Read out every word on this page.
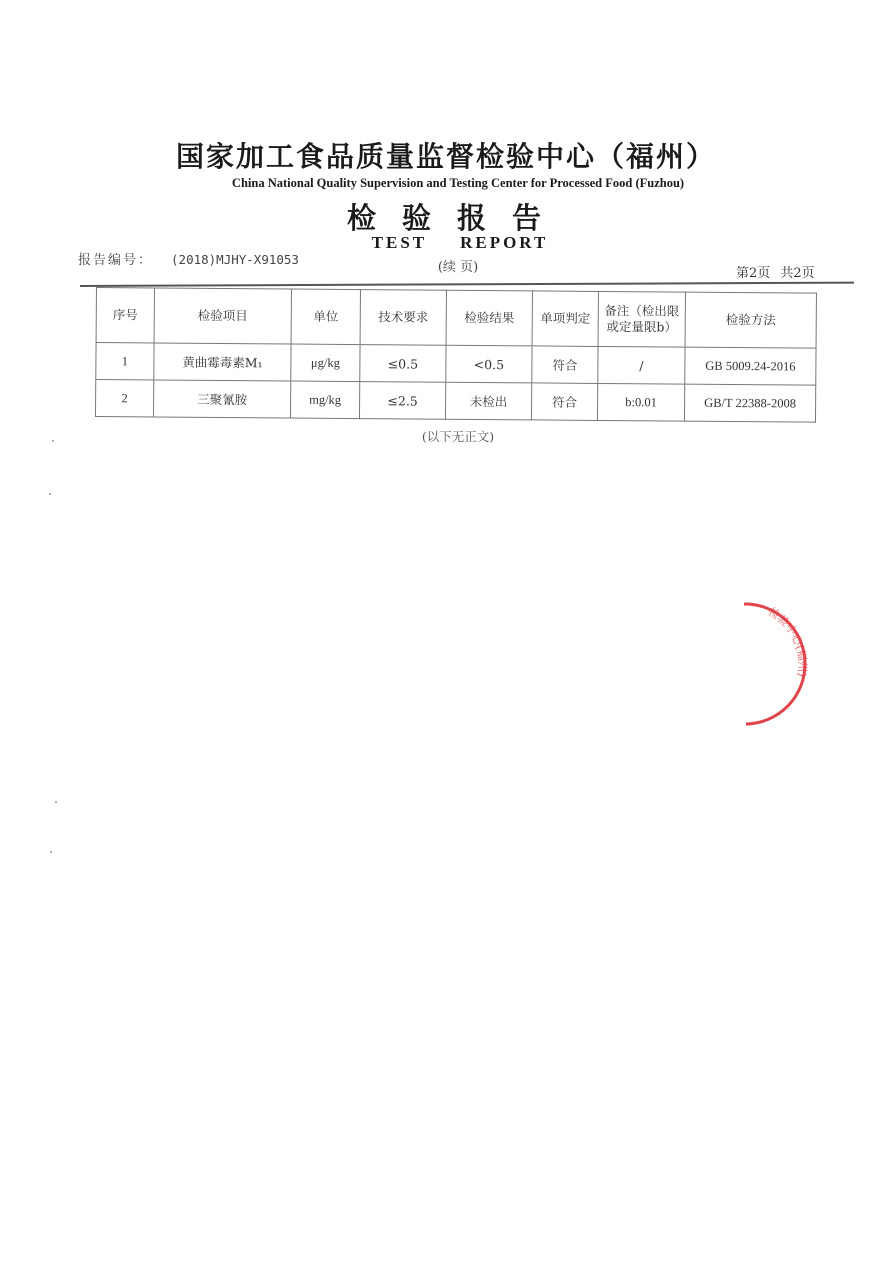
国家加工食品质量监督检验中心（福州）
China National Quality Supervision and Testing Center for Processed Food (Fuzhou)
检验报告
TEST REPORT
报告编号： (2018)MJHY-X91053
(续 页)	第2页 共2页
序号	检验项目	单位	技术要求	检验结果	单项判定	备注（检出限或定量限b）	检验方法
1	黄曲霉毒素M₁	μg/kg	≤0.5	<0.5	符合	/	GB 5009.24-2016
2	三聚氰胺	mg/kg	≤2.5	未检出	符合	b:0.01	GB/T 22388-2008
(以下无正文)
检验中心(福州)
